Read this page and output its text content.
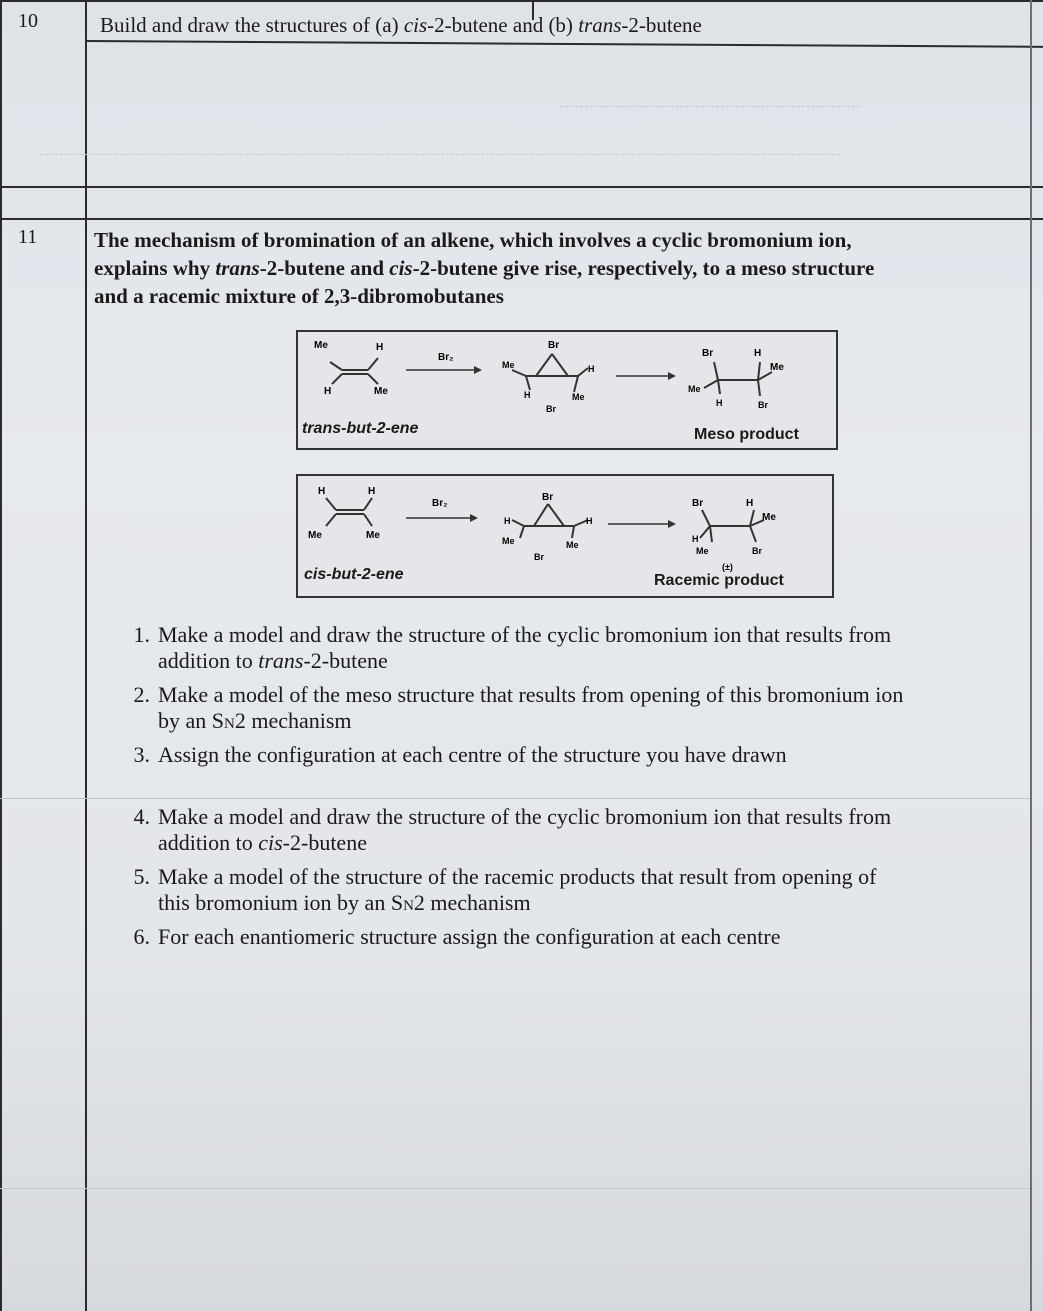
10	Build and draw the structures of (a) cis-2-butene and (b) trans-2-butene
11	The mechanism of bromination of an alkene, which involves a cyclic bromonium ion,
explains why trans-2-butene and cis-2-butene give rise, respectively, to a meso structure
and a racemic mixture of 2,3-dibromobutanes
Me	H
H	Me
Br₂
Br
Me
H
H
Me
Br
Br	H
Me
Me
H	Br
trans-but-2-ene	Meso product
H	H
Me	Me
Br₂
Br
H
Me
H
Me
Br
Br	H
Me
H
Me	Br
(±)
cis-but-2-ene	Racemic product
1. Make a model and draw the structure of the cyclic bromonium ion that results from
addition to trans-2-butene
2. Make a model of the meso structure that results from opening of this bromonium ion
by an SN2 mechanism
3. Assign the configuration at each centre of the structure you have drawn
4. Make a model and draw the structure of the cyclic bromonium ion that results from
addition to cis-2-butene
5. Make a model of the structure of the racemic products that result from opening of
this bromonium ion by an SN2 mechanism
6. For each enantiomeric structure assign the configuration at each centre
